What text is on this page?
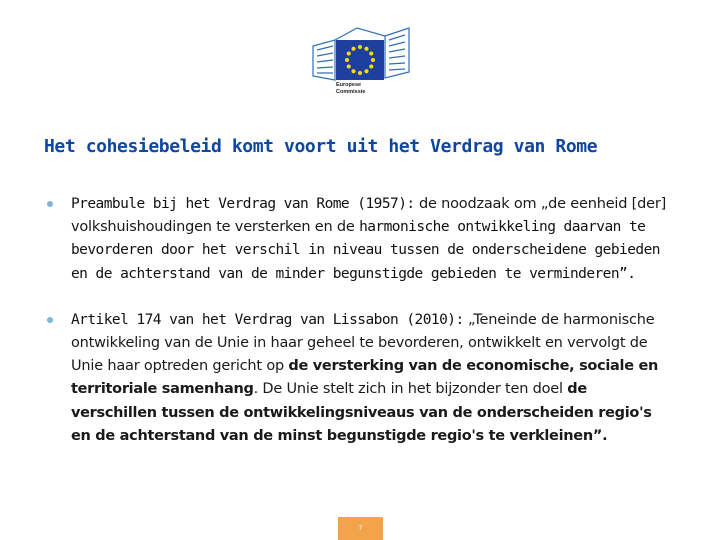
Europese
Commissie
Het cohesiebeleid komt voort uit het Verdrag van Rome
Preambule bij het Verdrag van Rome (1957): de noodzaak om „de eenheid [der] volkshuishoudingen te versterken en de harmonische ontwikkeling daarvan te bevorderen door het verschil in niveau tussen de onderscheidene gebieden en de achterstand van de minder begunstigde gebieden te verminderen”.
Artikel 174 van het Verdrag van Lissabon (2010): „Teneinde de harmonische ontwikkeling van de Unie in haar geheel te bevorderen, ontwikkelt en vervolgt de Unie haar optreden gericht op de versterking van de economische, sociale en territoriale samenhang. De Unie stelt zich in het bijzonder ten doel de verschillen tussen de ontwikkelingsniveaus van de onderscheiden regio's en de achterstand van de minst begunstigde regio's te verkleinen”.
7
